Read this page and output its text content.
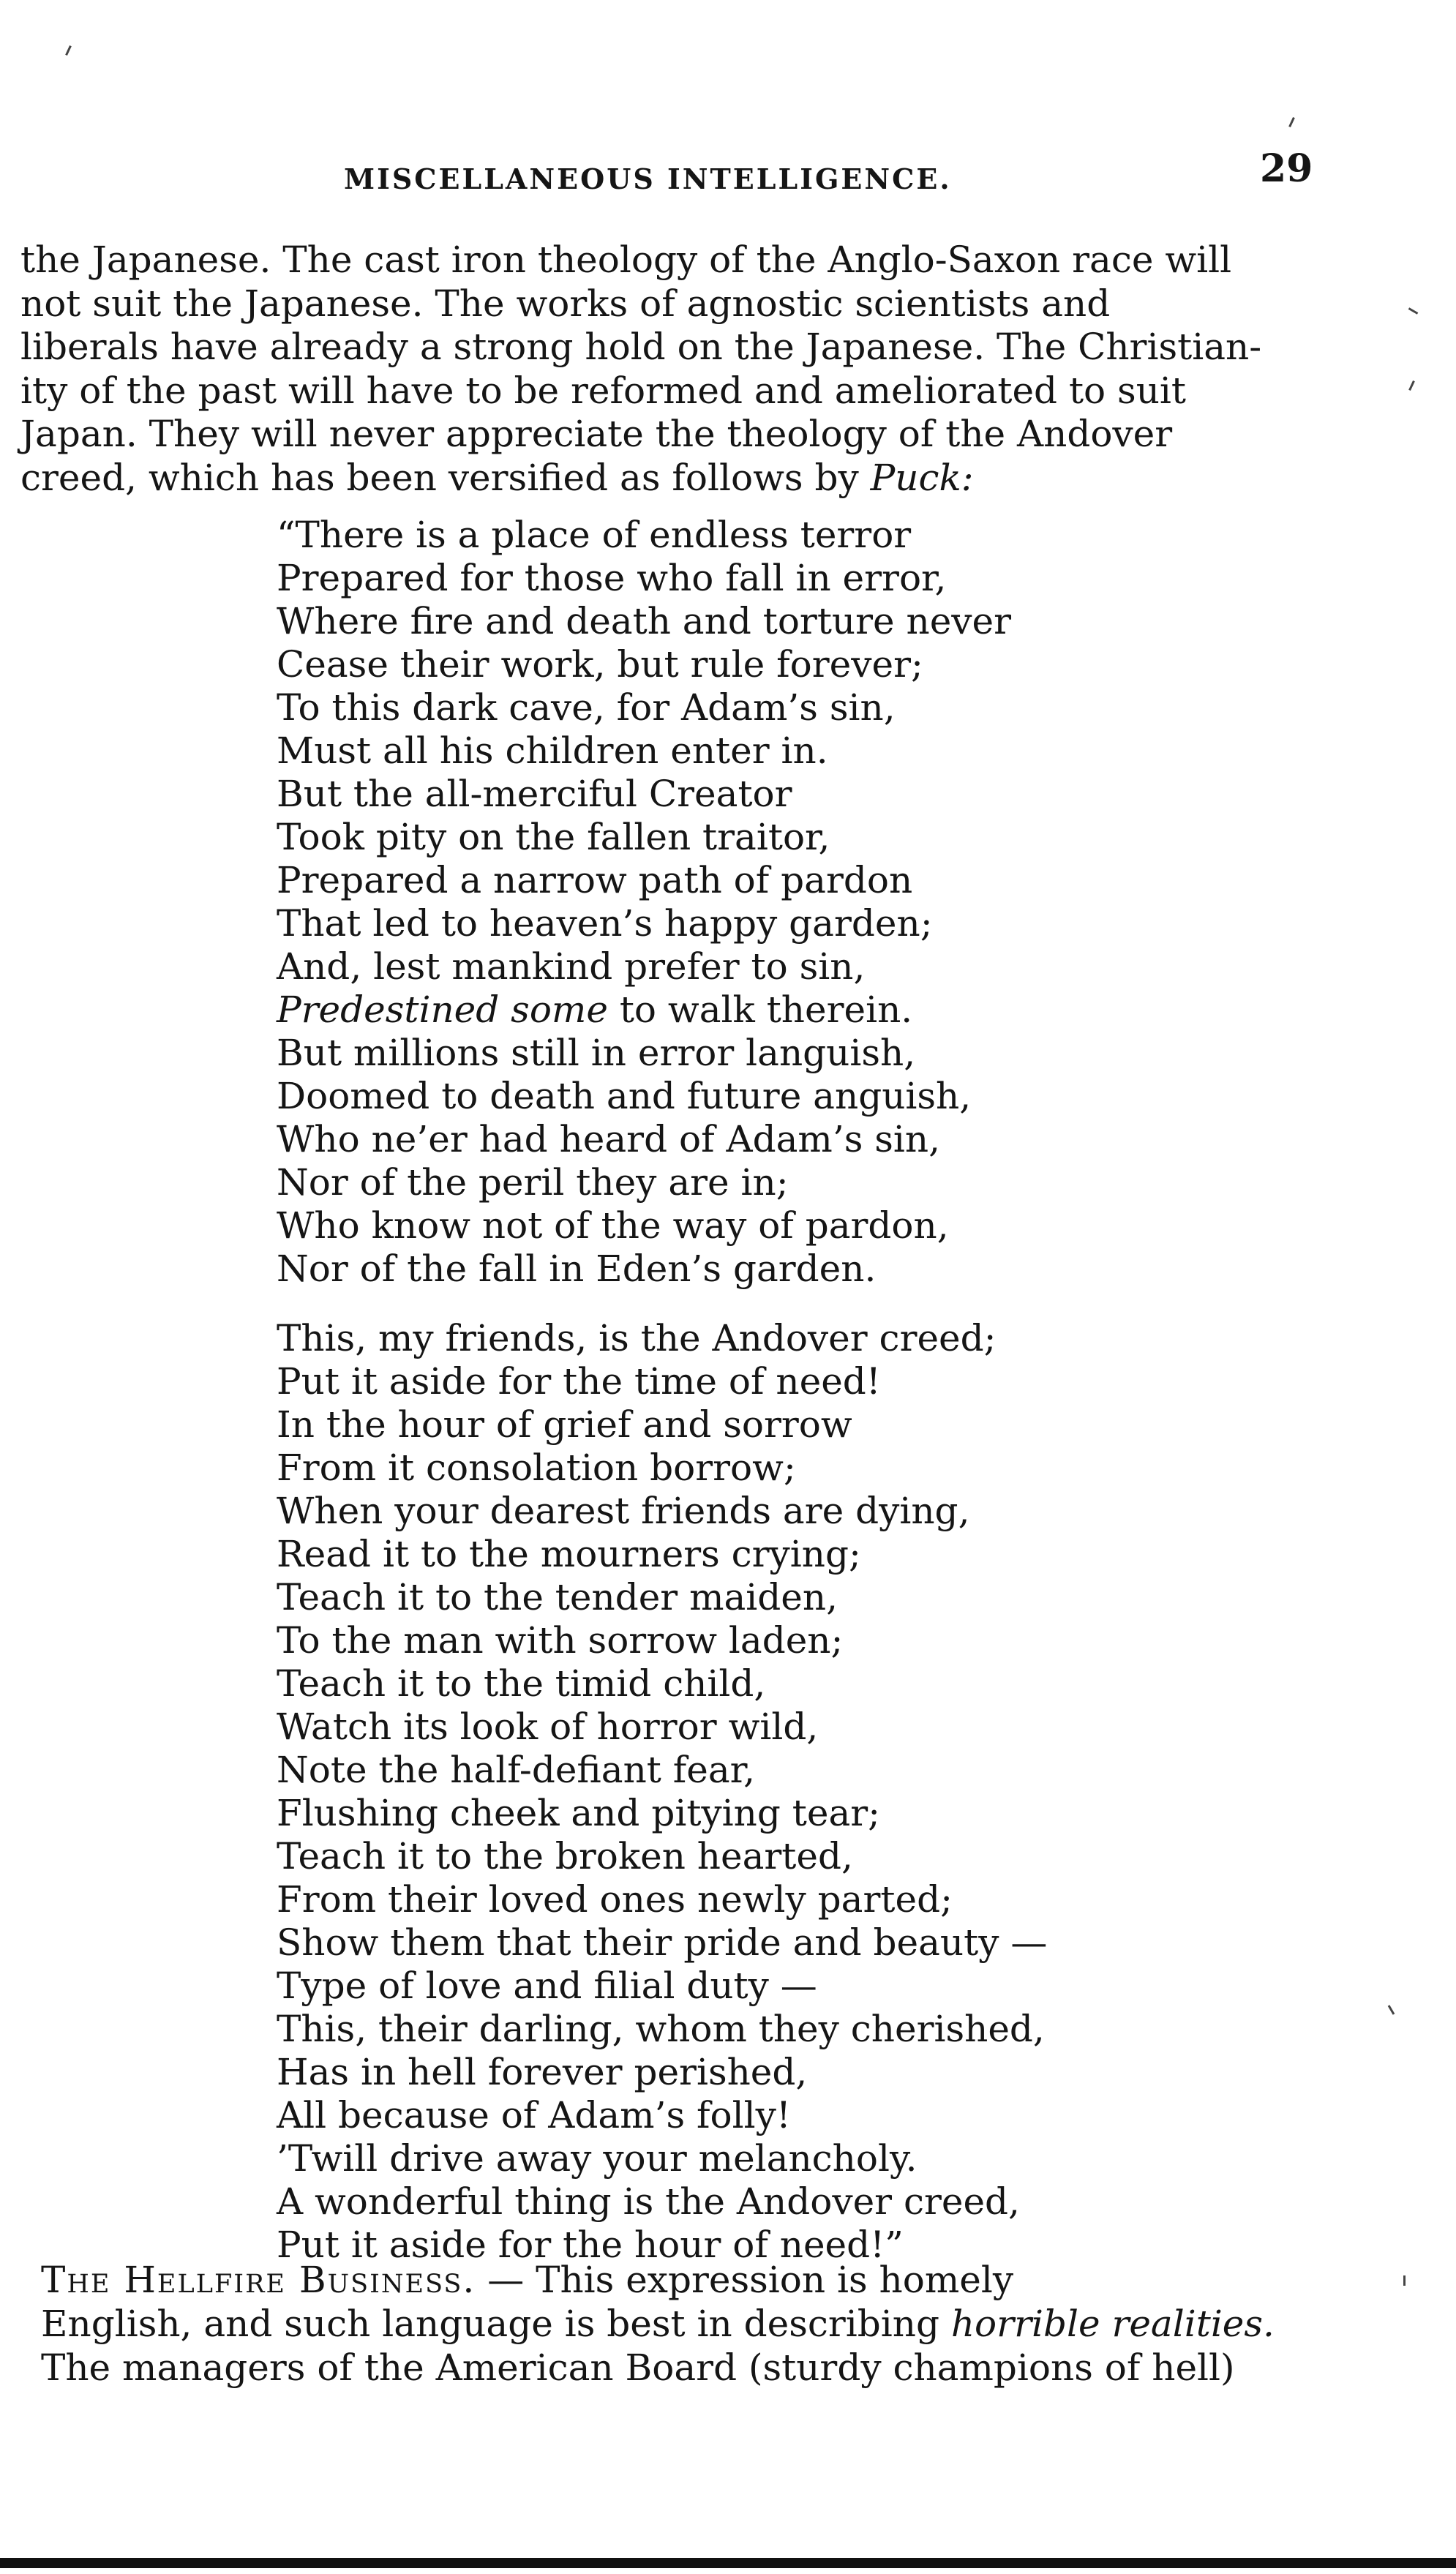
MISCELLANEOUS INTELLIGENCE.	29
the Japanese. The cast iron theology of the Anglo-Saxon race will
not suit the Japanese. The works of agnostic scientists and
liberals have already a strong hold on the Japanese. The Christian-
ity of the past will have to be reformed and ameliorated to suit
Japan. They will never appreciate the theology of the Andover
creed, which has been versified as follows by Puck:
“There is a place of endless terror
Prepared for those who fall in error,
Where fire and death and torture never
Cease their work, but rule forever;
To this dark cave, for Adam’s sin,
Must all his children enter in.
But the all-merciful Creator
Took pity on the fallen traitor,
Prepared a narrow path of pardon
That led to heaven’s happy garden;
And, lest mankind prefer to sin,
Predestined some to walk therein.
But millions still in error languish,
Doomed to death and future anguish,
Who ne’er had heard of Adam’s sin,
Nor of the peril they are in;
Who know not of the way of pardon,
Nor of the fall in Eden’s garden.
This, my friends, is the Andover creed;
Put it aside for the time of need!
In the hour of grief and sorrow
From it consolation borrow;
When your dearest friends are dying,
Read it to the mourners crying;
Teach it to the tender maiden,
To the man with sorrow laden;
Teach it to the timid child,
Watch its look of horror wild,
Note the half-defiant fear,
Flushing cheek and pitying tear;
Teach it to the broken hearted,
From their loved ones newly parted;
Show them that their pride and beauty —
Type of love and filial duty —
This, their darling, whom they cherished,
Has in hell forever perished,
All because of Adam’s folly!
’Twill drive away your melancholy.
A wonderful thing is the Andover creed,
Put it aside for the hour of need!”
The Hellfire Business. — This expression is homely
English, and such language is best in describing horrible realities.
The managers of the American Board (sturdy champions of hell)
